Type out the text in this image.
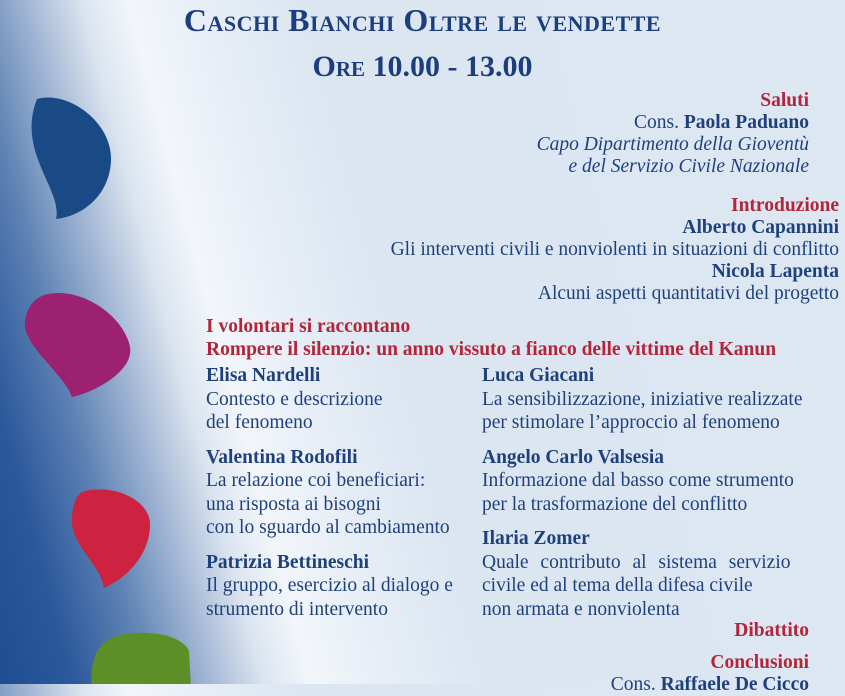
Caschi Bianchi Oltre le vendette
Ore 10.00 - 13.00
Saluti
Cons. Paola Paduano
Capo Dipartimento della Gioventù
e del Servizio Civile Nazionale
Introduzione
Alberto Capannini
Gli interventi civili e nonviolenti in situazioni di conflitto
Nicola Lapenta
Alcuni aspetti quantitativi del progetto
I volontari si raccontano
Rompere il silenzio: un anno vissuto a fianco delle vittime del Kanun
Elisa Nardelli
Contesto e descrizione
del fenomeno
Valentina Rodofili
La relazione coi beneficiari:
una risposta ai bisogni
con lo sguardo al cambiamento
Patrizia Bettineschi
Il gruppo, esercizio al dialogo e
strumento di intervento
Luca Giacani
La sensibilizzazione, iniziative realizzate
per stimolare l’approccio al fenomeno
Angelo Carlo Valsesia
Informazione dal basso come strumento
per la trasformazione del conflitto
Ilaria Zomer
Quale contributo al sistema servizio
civile ed al tema della difesa civile
non armata e nonviolenta
Dibattito
Conclusioni
Cons. Raffaele De Cicco
